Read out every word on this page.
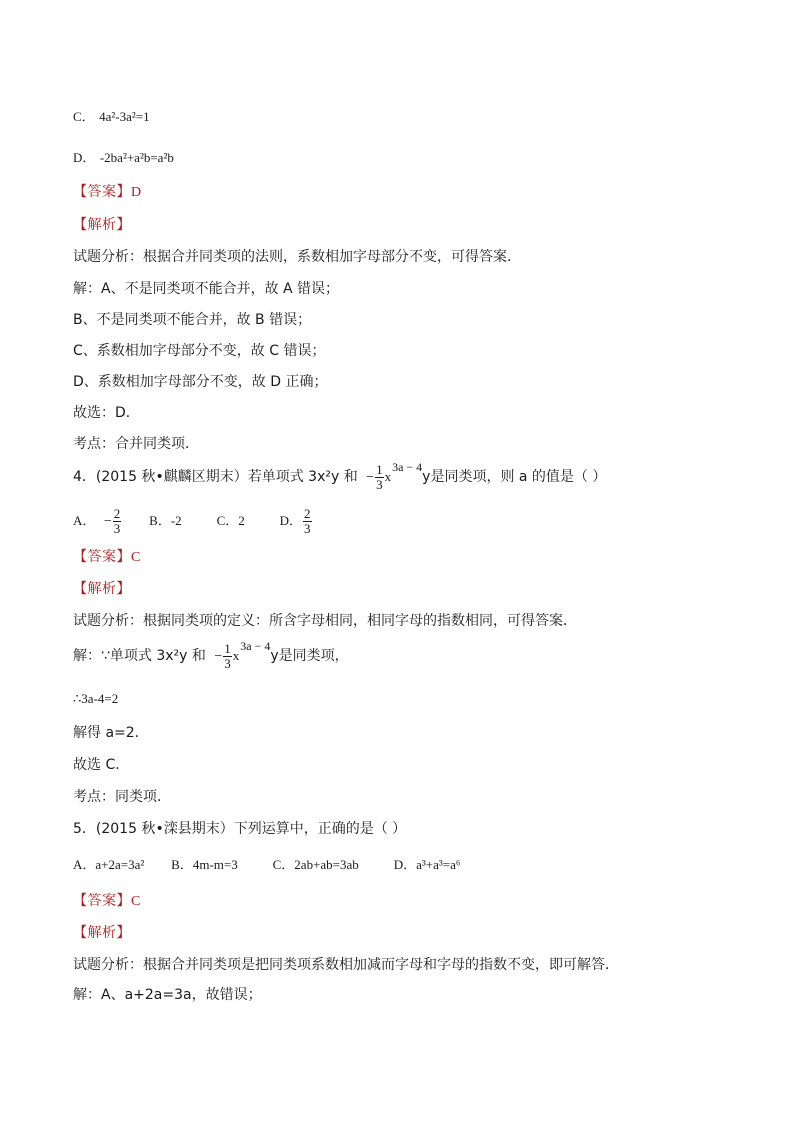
C． 4a²-3a²=1
D． -2ba²+a²b=a²b
【答案】D
【解析】
试题分析：根据合并同类项的法则，系数相加字母部分不变，可得答案．
解：A、不是同类项不能合并，故 A 错误；
B、不是同类项不能合并，故 B 错误；
C、系数相加字母部分不变，故 C 错误；
D、系数相加字母部分不变，故 D 正确；
故选：D．
考点：合并同类项．
4．(2015 秋•麒麟区期末）若单项式 3x²y 和 − $\frac{1}{3} x3a - 4y$是同类项，则 a 的值是（ ）
A． − $\frac{2}{3}$ B．-2	C．2	D． $\frac{2}{3}$
【答案】C
【解析】
试题分析：根据同类项的定义：所含字母相同，相同字母的指数相同，可得答案．
解：∵单项式 3x²y 和 − $\frac{1}{3} x3a - 4y$是同类项，
∴3a-4=2
解得 a=2．
故选 C．
考点：同类项．
5．(2015 秋•滦县期末）下列运算中，正确的是（ ）
A．a+2a=3a² B．4m-m=3	C．2ab+ab=3ab	D．a³+a³=a⁶
【答案】C
【解析】
试题分析：根据合并同类项是把同类项系数相加减而字母和字母的指数不变，即可解答．
解：A、a+2a=3a，故错误；
